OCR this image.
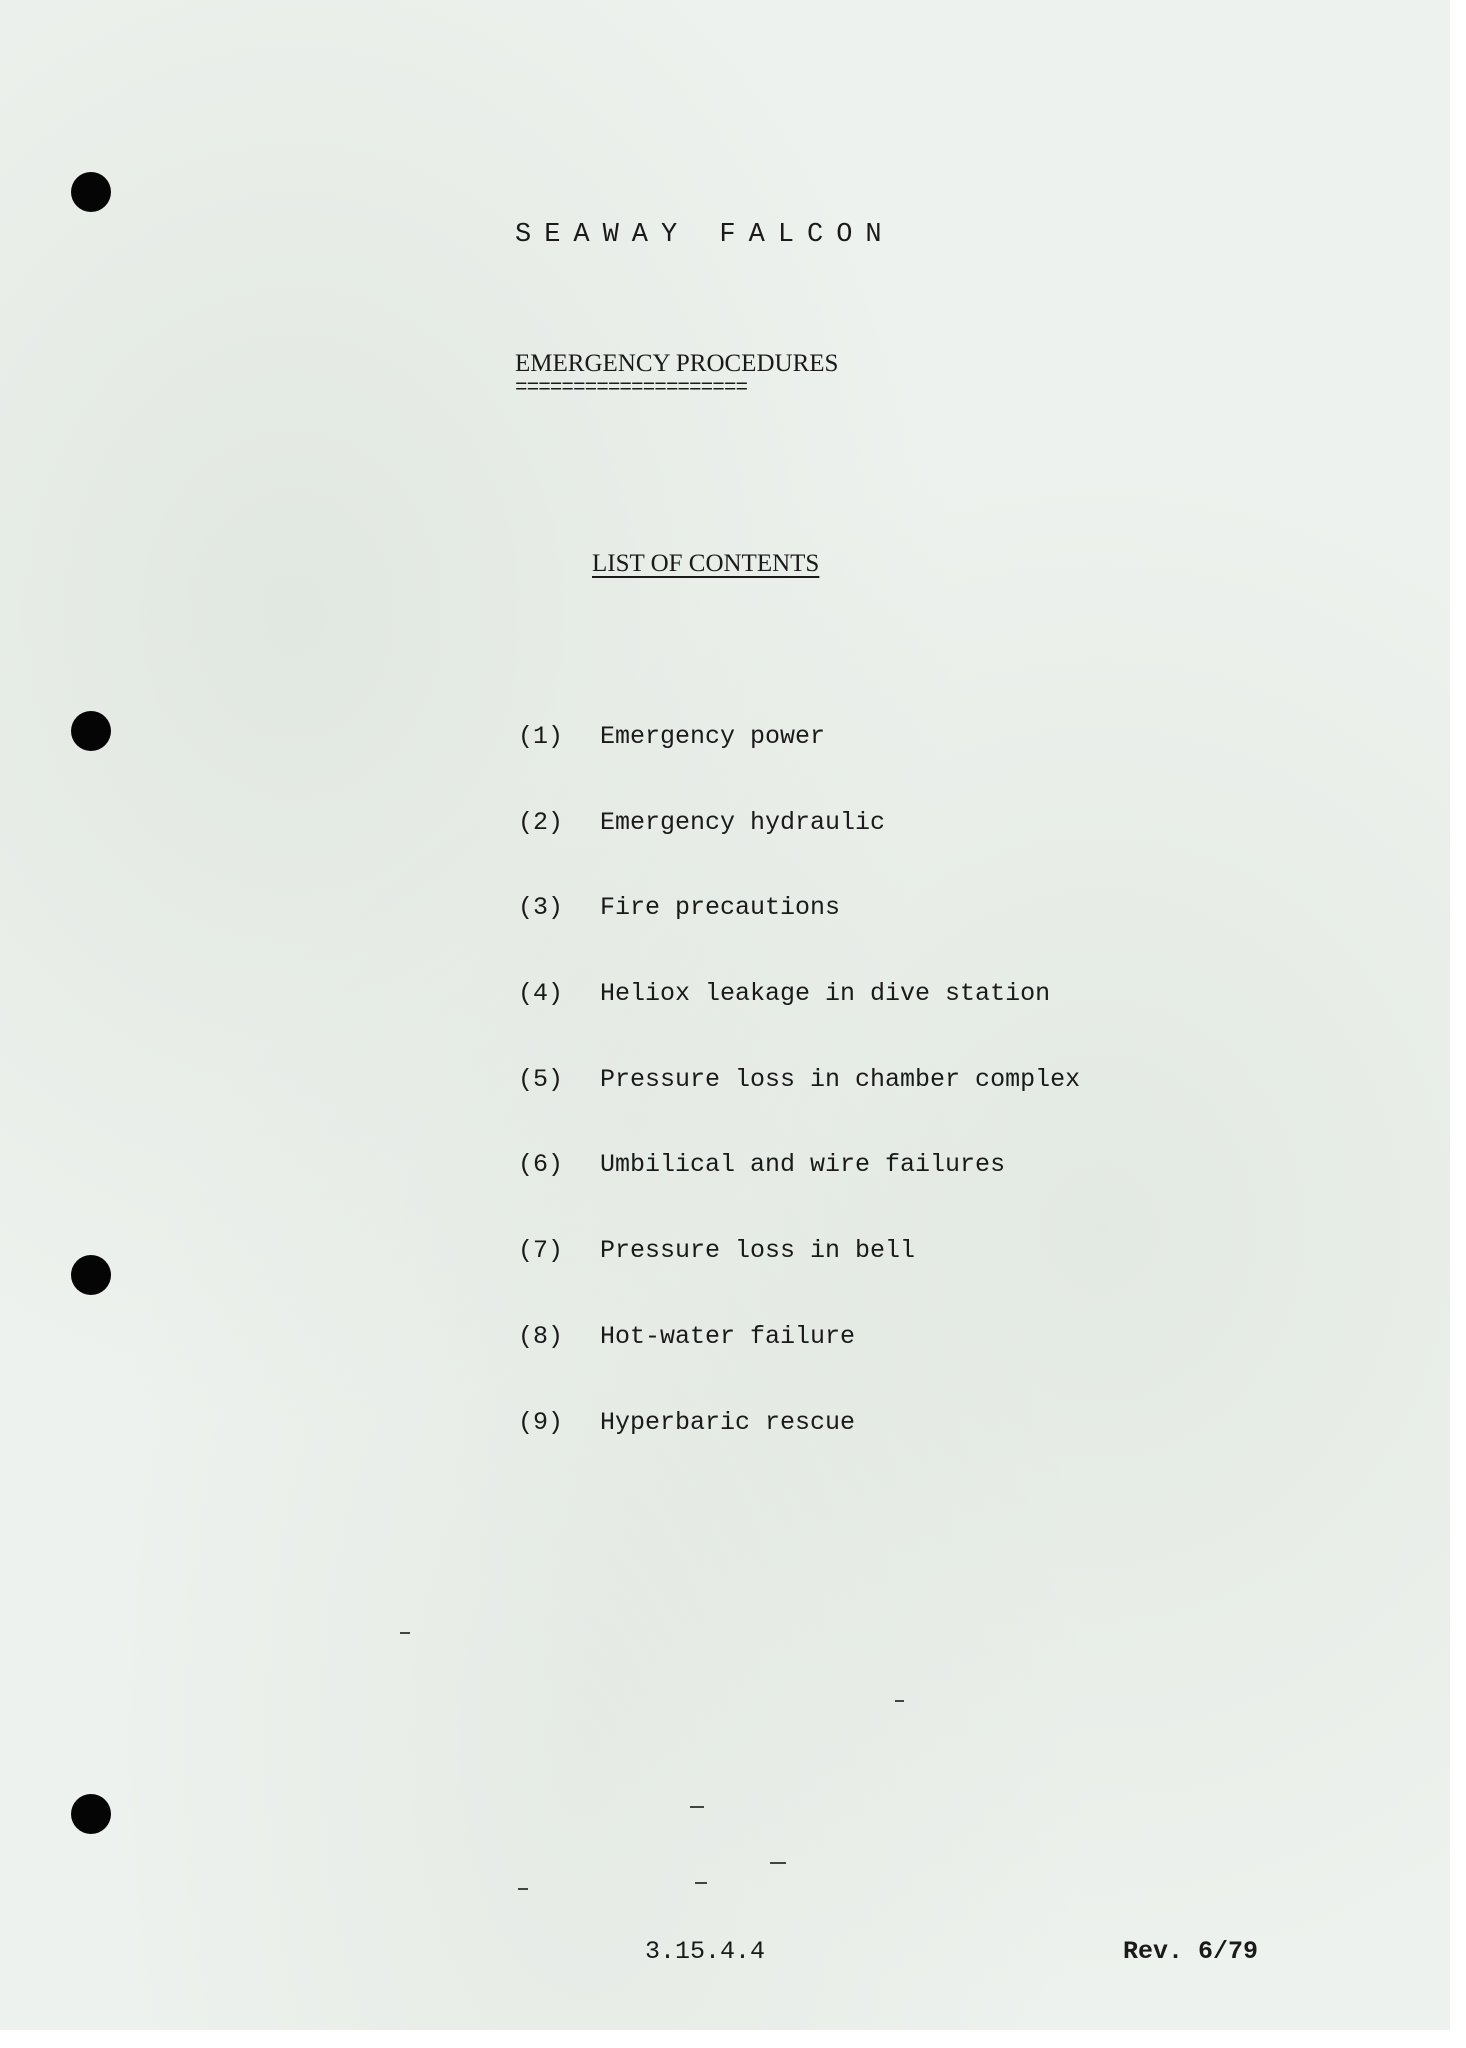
SEAWAY FALCON
EMERGENCY PROCEDURES
====================
LIST OF CONTENTS
(1) Emergency power
(2) Emergency hydraulic
(3) Fire precautions
(4) Heliox leakage in dive station
(5) Pressure loss in chamber complex
(6) Umbilical and wire failures
(7) Pressure loss in bell
(8) Hot-water failure
(9) Hyperbaric rescue
3.15.4.4	Rev. 6/79
